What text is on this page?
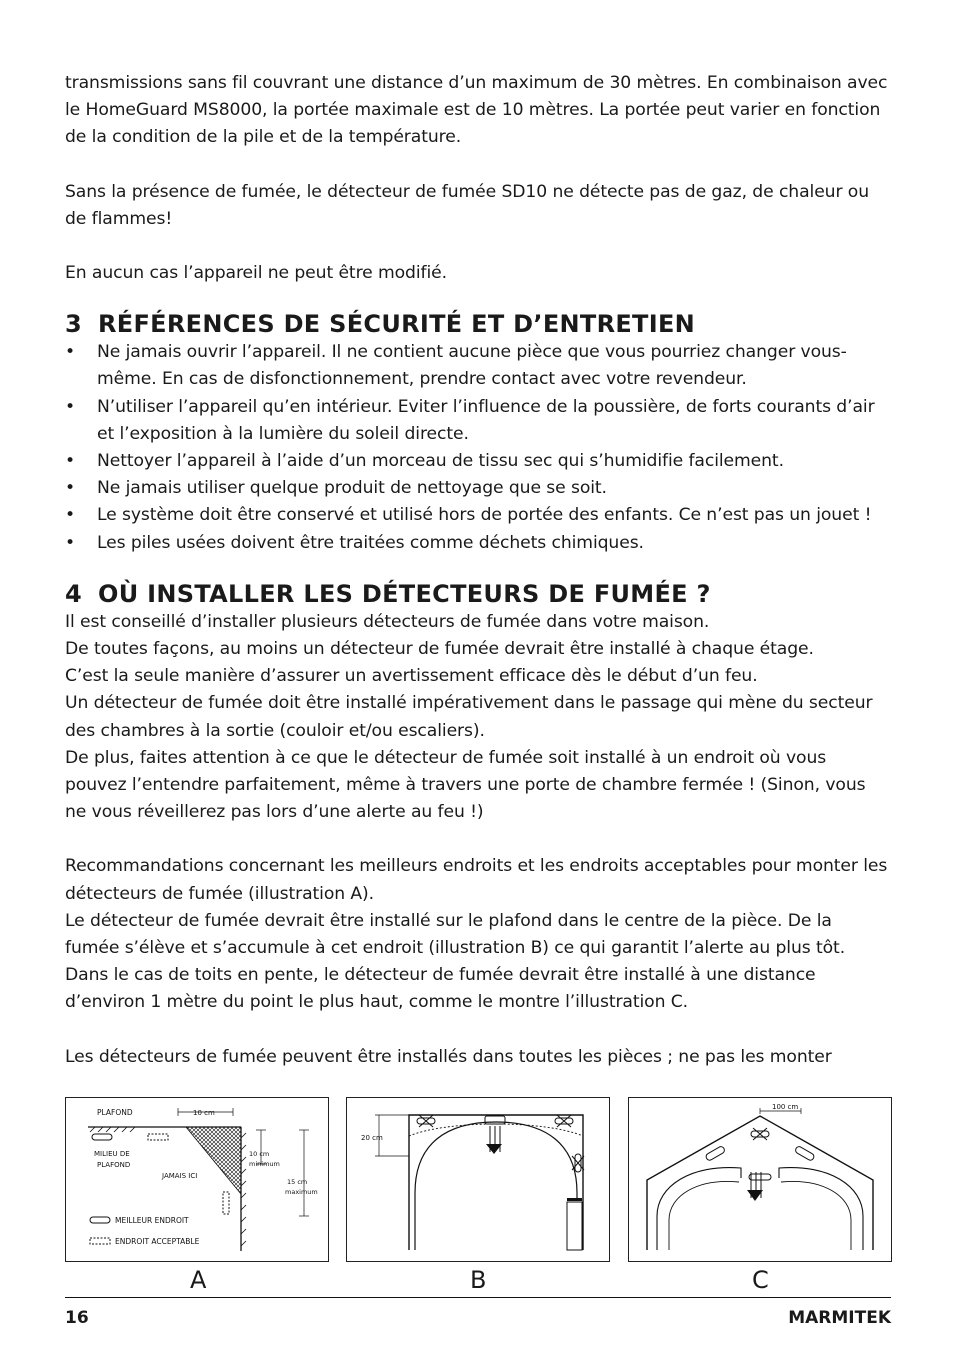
transmissions sans fil couvrant une distance d’un maximum de 30 mètres. En combinaison avec le HomeGuard MS8000, la portée maximale est de 10 mètres. La portée peut varier en fonction de la condition de la pile et de la température.

Sans la présence de fumée, le détecteur de fumée SD10 ne détecte pas de gaz, de chaleur ou de flammes!

En aucun cas l’appareil ne peut être modifié.

3 RÉFÉRENCES DE SÉCURITÉ ET D’ENTRETIEN
• Ne jamais ouvrir l’appareil. Il ne contient aucune pièce que vous pourriez changer vous-même. En cas de disfonctionnement, prendre contact avec votre revendeur.
• N’utiliser l’appareil qu’en intérieur. Eviter l’influence de la poussière, de forts courants d’air et l’exposition à la lumière du soleil directe.
• Nettoyer l’appareil à l’aide d’un morceau de tissu sec qui s’humidifie facilement.
• Ne jamais utiliser quelque produit de nettoyage que se soit.
• Le système doit être conservé et utilisé hors de portée des enfants. Ce n’est pas un jouet !
• Les piles usées doivent être traitées comme déchets chimiques.
4 OÙ INSTALLER LES DÉTECTEURS DE FUMÉE ?

Il est conseillé d’installer plusieurs détecteurs de fumée dans votre maison.

De toutes façons, au moins un détecteur de fumée devrait être installé à chaque étage.

C’est la seule manière d’assurer un avertissement efficace dès le début d’un feu.

Un détecteur de fumée doit être installé impérativement dans le passage qui mène du secteur des chambres à la sortie (couloir et/ou escaliers).

De plus, faites attention à ce que le détecteur de fumée soit installé à un endroit où vous pouvez l’entendre parfaitement, même à travers une porte de chambre fermée ! (Sinon, vous ne vous réveillerez pas lors d’une alerte au feu !)

Recommandations concernant les meilleurs endroits et les endroits acceptables pour monter les détecteurs de fumée (illustration A).

Le détecteur de fumée devrait être installé sur le plafond dans le centre de la pièce. De la fumée s’élève et s’accumule à cet endroit (illustration B) ce qui garantit l’alerte au plus tôt. Dans le cas de toits en pente, le détecteur de fumée devrait être installé à une distance d’environ 1 mètre du point le plus haut, comme le montre l’illustration C.

Les détecteurs de fumée peuvent être installés dans toutes les pièces ; ne pas les monter

PLAFOND	10 cm
MILIEU DE
PLAFOND
JAMAIS ICI
10 cm
minimum
15 cm
maximum
MEILLEUR ENDROIT
ENDROIT ACCEPTABLE
20 cm
100 cm
A	B	C
16	MARMITEK
